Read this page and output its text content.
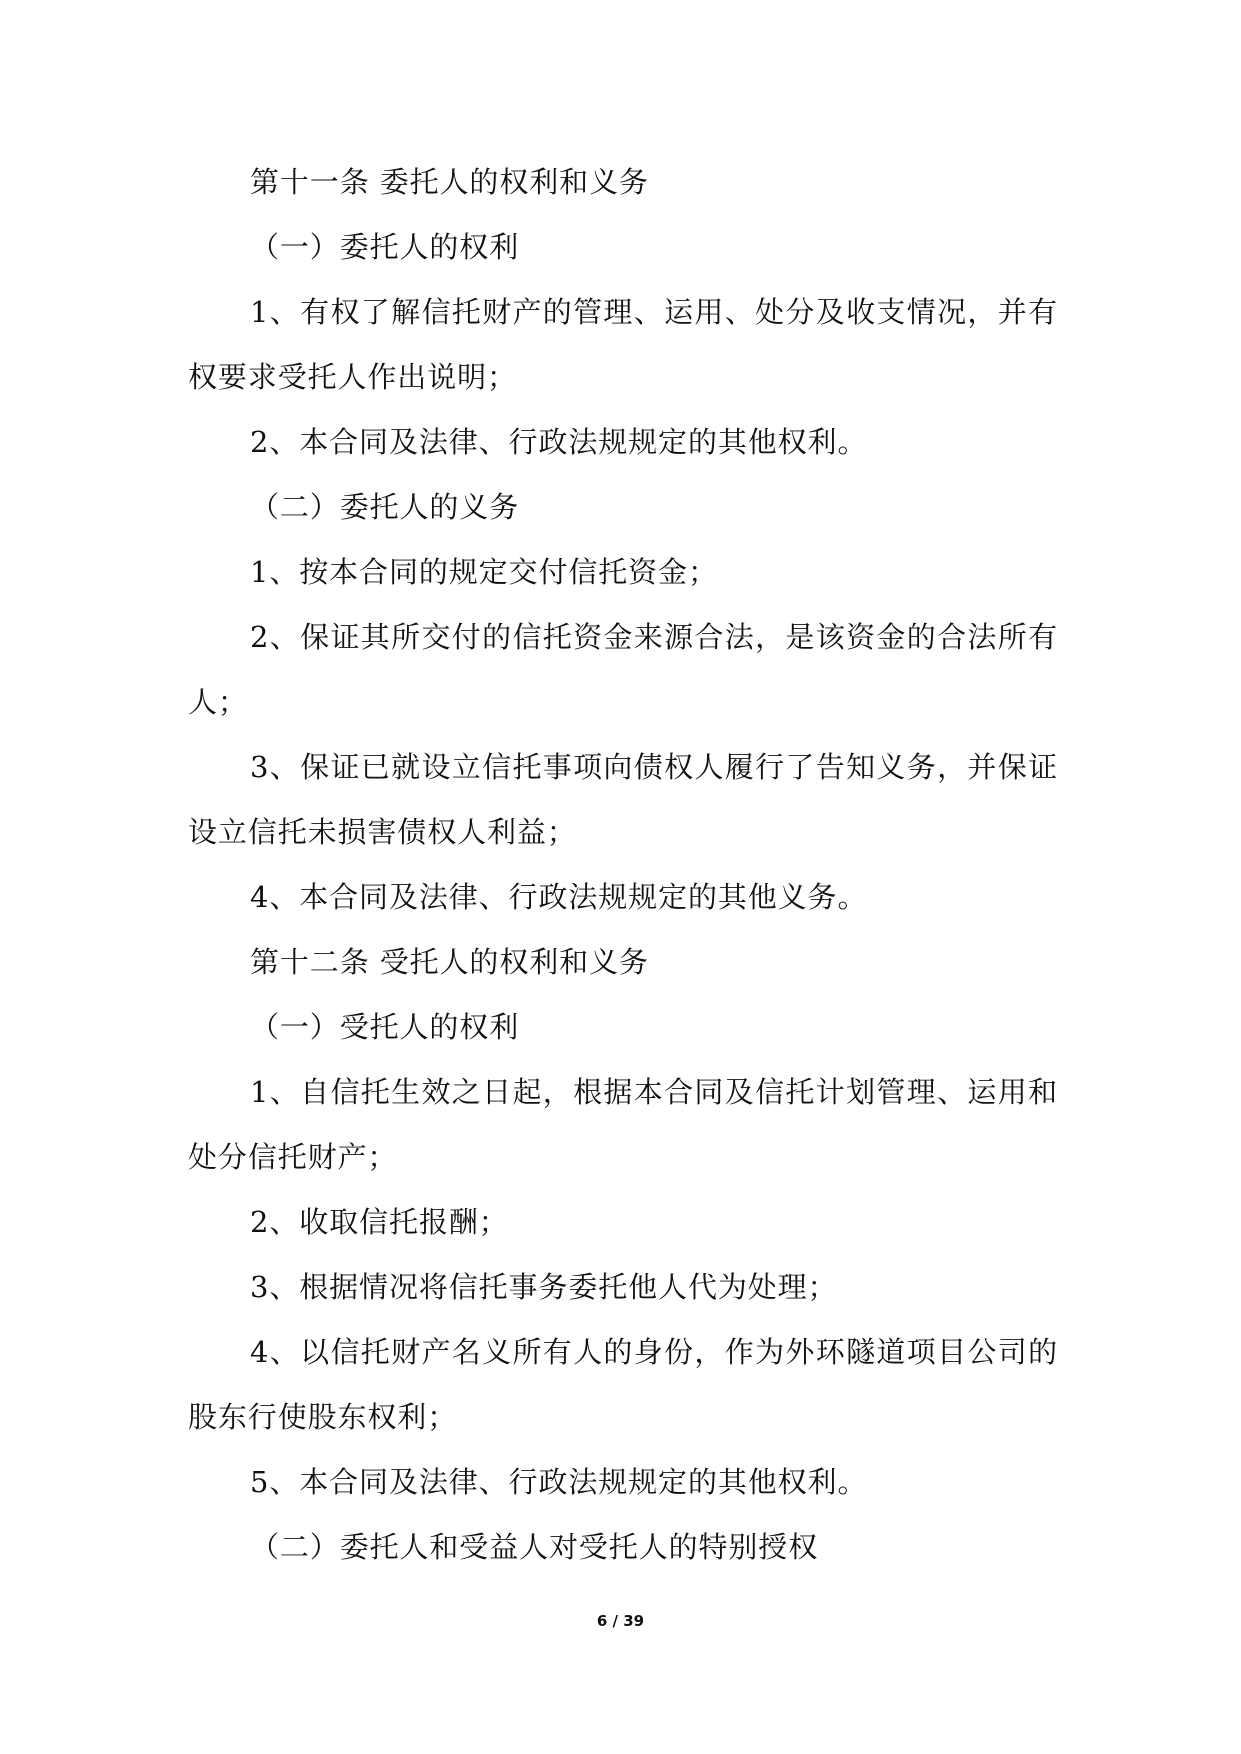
第十一条 委托人的权利和义务

（一）委托人的权利

1、有权了解信托财产的管理、运用、处分及收支情况，并有权要求受托人作出说明；

2、本合同及法律、行政法规规定的其他权利。

（二）委托人的义务

1、按本合同的规定交付信托资金；

2、保证其所交付的信托资金来源合法，是该资金的合法所有人；

3、保证已就设立信托事项向债权人履行了告知义务，并保证设立信托未损害债权人利益；

4、本合同及法律、行政法规规定的其他义务。

第十二条 受托人的权利和义务

（一）受托人的权利

1、自信托生效之日起，根据本合同及信托计划管理、运用和处分信托财产；

2、收取信托报酬；

3、根据情况将信托事务委托他人代为处理；

4、以信托财产名义所有人的身份，作为外环隧道项目公司的股东行使股东权利；

5、本合同及法律、行政法规规定的其他权利。

（二）委托人和受益人对受托人的特别授权

6 / 39
